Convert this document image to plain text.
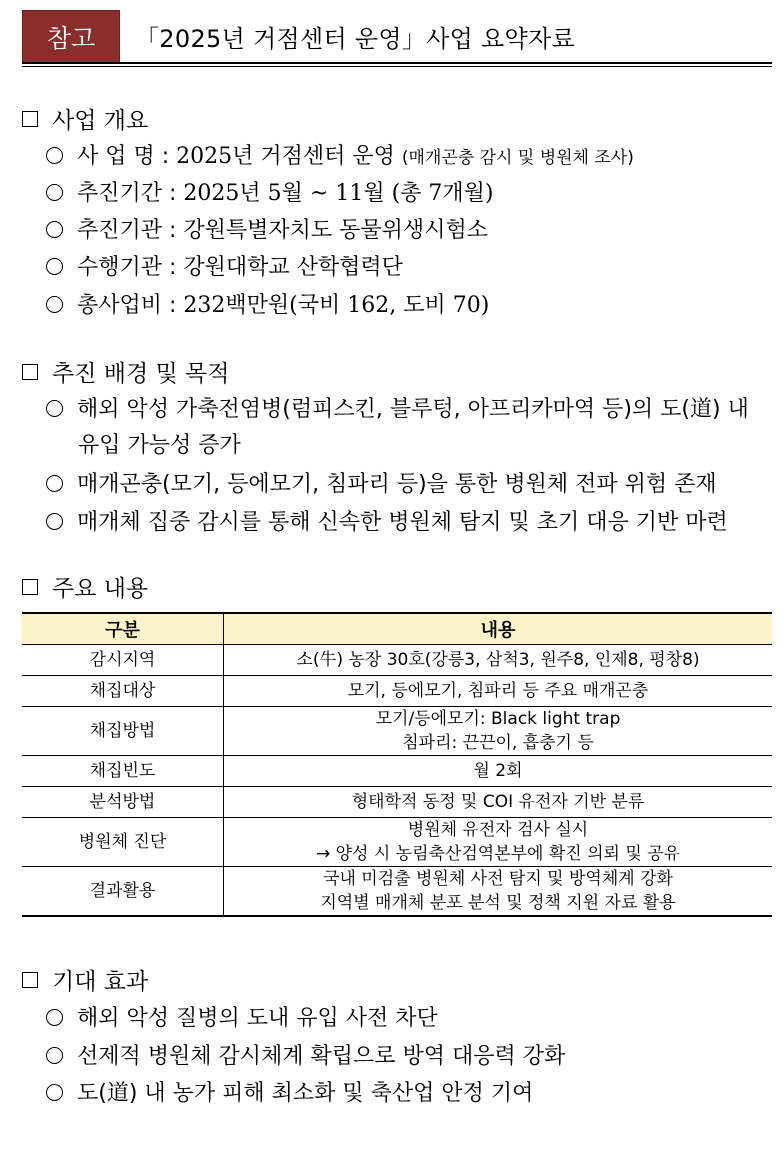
참고	「2025년 거점센터 운영」사업 요약자료
사업 개요
사 업 명 : 2025년 거점센터 운영 (매개곤충 감시 및 병원체 조사)
추진기간 : 2025년 5월 ~ 11월 (총 7개월)
추진기관 : 강원특별자치도 동물위생시험소
수행기관 : 강원대학교 산학협력단
총사업비 : 232백만원(국비 162, 도비 70)
추진 배경 및 목적
해외 악성 가축전염병(럼피스킨, 블루텅, 아프리카마역 등)의 도(道) 내
유입 가능성 증가
매개곤충(모기, 등에모기, 침파리 등)을 통한 병원체 전파 위험 존재
매개체 집중 감시를 통해 신속한 병원체 탐지 및 초기 대응 기반 마련
주요 내용
구분	내용
감시지역	소(牛) 농장 30호(강릉3, 삼척3, 원주8, 인제8, 평창8)

채집대상	모기, 등에모기, 침파리 등 주요 매개곤충

채집방법	모기/등에모기: Black light trap
침파리: 끈끈이, 흡충기 등

채집빈도	월 2회

분석방법	형태학적 동정 및 COI 유전자 기반 분류

병원체 진단	병원체 유전자 검사 실시
→ 양성 시 농림축산검역본부에 확진 의뢰 및 공유

결과활용	국내 미검출 병원체 사전 탐지 및 방역체계 강화
지역별 매개체 분포 분석 및 정책 지원 자료 활용
기대 효과
해외 악성 질병의 도내 유입 사전 차단
선제적 병원체 감시체계 확립으로 방역 대응력 강화
도(道) 내 농가 피해 최소화 및 축산업 안정 기여
